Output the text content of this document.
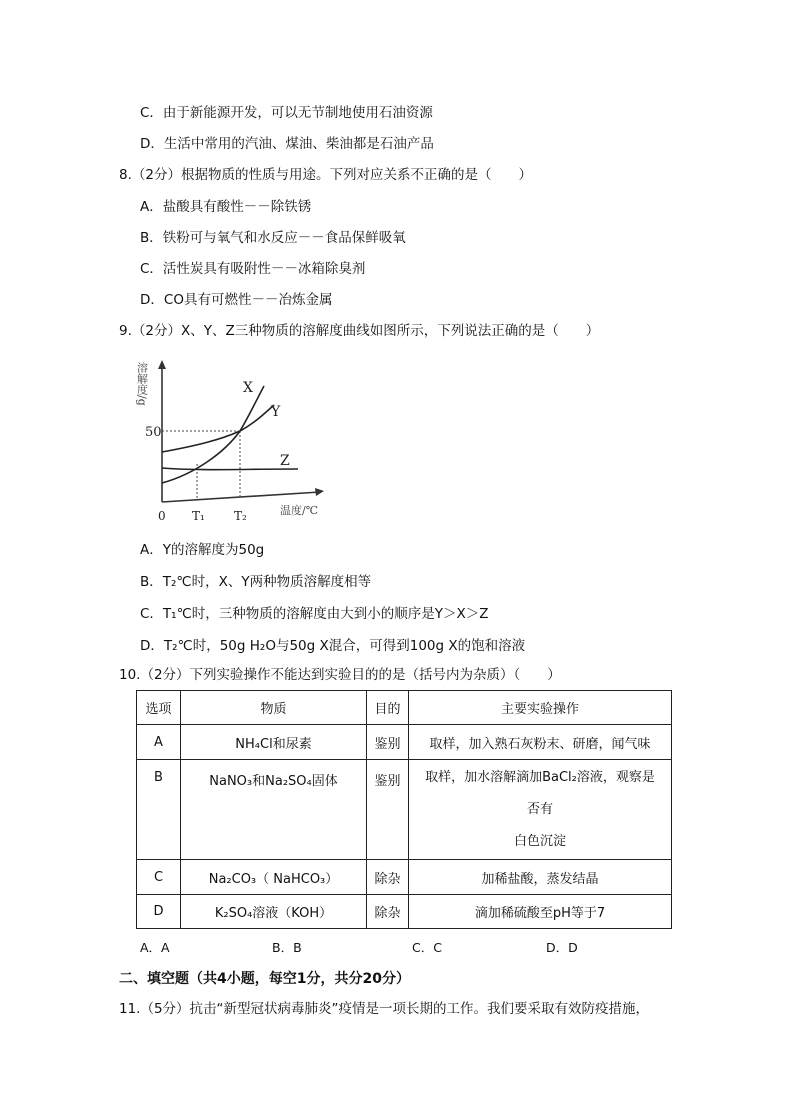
C．由于新能源开发，可以无节制地使用石油资源
D．生活中常用的汽油、煤油、柴油都是石油产品
8.（2分）根据物质的性质与用途。下列对应关系不正确的是（　　）
A．盐酸具有酸性－－除铁锈
B．铁粉可与氧气和水反应－－食品保鲜吸氧
C．活性炭具有吸附性－－冰箱除臭剂
D．CO具有可燃性－－冶炼金属
9.（2分）X、Y、Z三种物质的溶解度曲线如图所示，下列说法正确的是（　　）
溶解度/g	X
Y
Z
50
0 T₁ T₂	温度/℃
A．Y的溶解度为50g
B．T₂℃时，X、Y两种物质溶解度相等
C．T₁℃时，三种物质的溶解度由大到小的顺序是Y＞X＞Z
D．T₂℃时，50g H₂O与50g X混合，可得到100g X的饱和溶液
10.（2分）下列实验操作不能达到实验目的的是（括号内为杂质）（　　）
选项	物质	目的	主要实验操作
A	NH₄Cl和尿素	鉴别	取样，加入熟石灰粉末、研磨，闻气味
B	NaNO₃和Na₂SO₄固体	鉴别	取样，加水溶解滴加BaCl₂溶液，观察是
否有
白色沉淀

C	Na₂CO₃（ NaHCO₃）	除杂	加稀盐酸，蒸发结晶
D	K₂SO₄溶液（KOH）	除杂	滴加稀硫酸至pH等于7
A．A	B．B	C．C	D．D
二、填空题（共4小题，每空1分，共分20分）
11.（5分）抗击“新型冠状病毒肺炎”疫情是一项长期的工作。我们要采取有效防疫措施，
